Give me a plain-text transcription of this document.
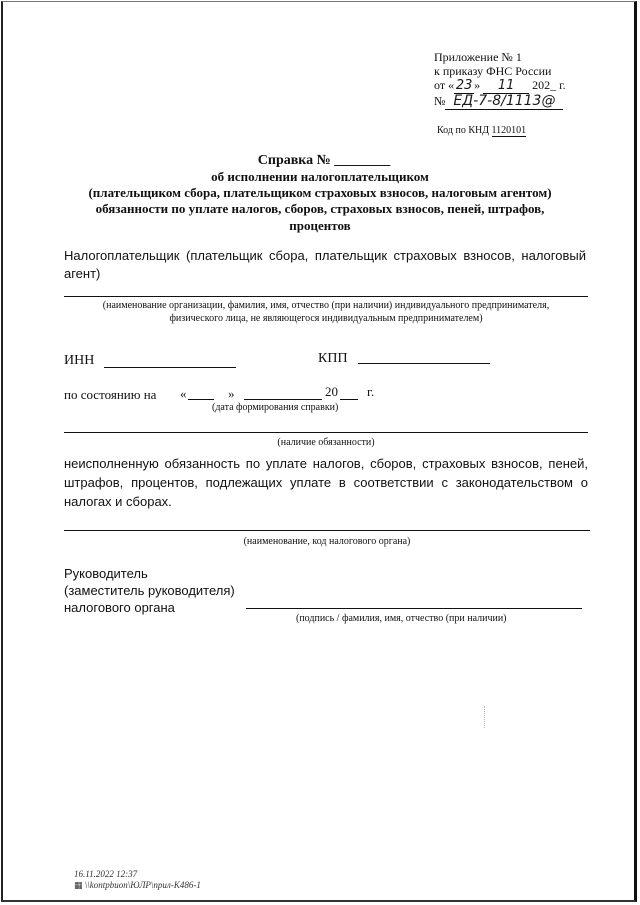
Приложение № 1
к приказу ФНС России
от « 23 » 11 202_ г.
№ ЕД-7-8/1113@
Код по КНД 1120101
Справка № ________
об исполнении налогоплательщиком
(плательщиком сбора, плательщиком страховых взносов, налоговым агентом)
обязанности по уплате налогов, сборов, страховых взносов, пеней, штрафов,
процентов
Налогоплательщик (плательщик сбора, плательщик страховых взносов, налоговый
агент)
(наименование организации, фамилия, имя, отчество (при наличии) индивидуального предпринимателя,
физического лица, не являющегося индивидуальным предпринимателем)
ИНН	КПП
по состоянию на «	»	20 г.
(дата формирования справки)
(наличие обязанности)
неисполненную обязанность по уплате налогов, сборов, страховых взносов, пеней,
штрафов, процентов, подлежащих уплате в соответствии с законодательством о
налогах и сборах.
(наименование, код налогового органа)
Руководитель
(заместитель руководителя)
налогового органа
(подпись / фамилия, имя, отчество (при наличии)
16.11.2022 12:37
▦ \\kontpbuon\ЮЛР\прил-К486-1
